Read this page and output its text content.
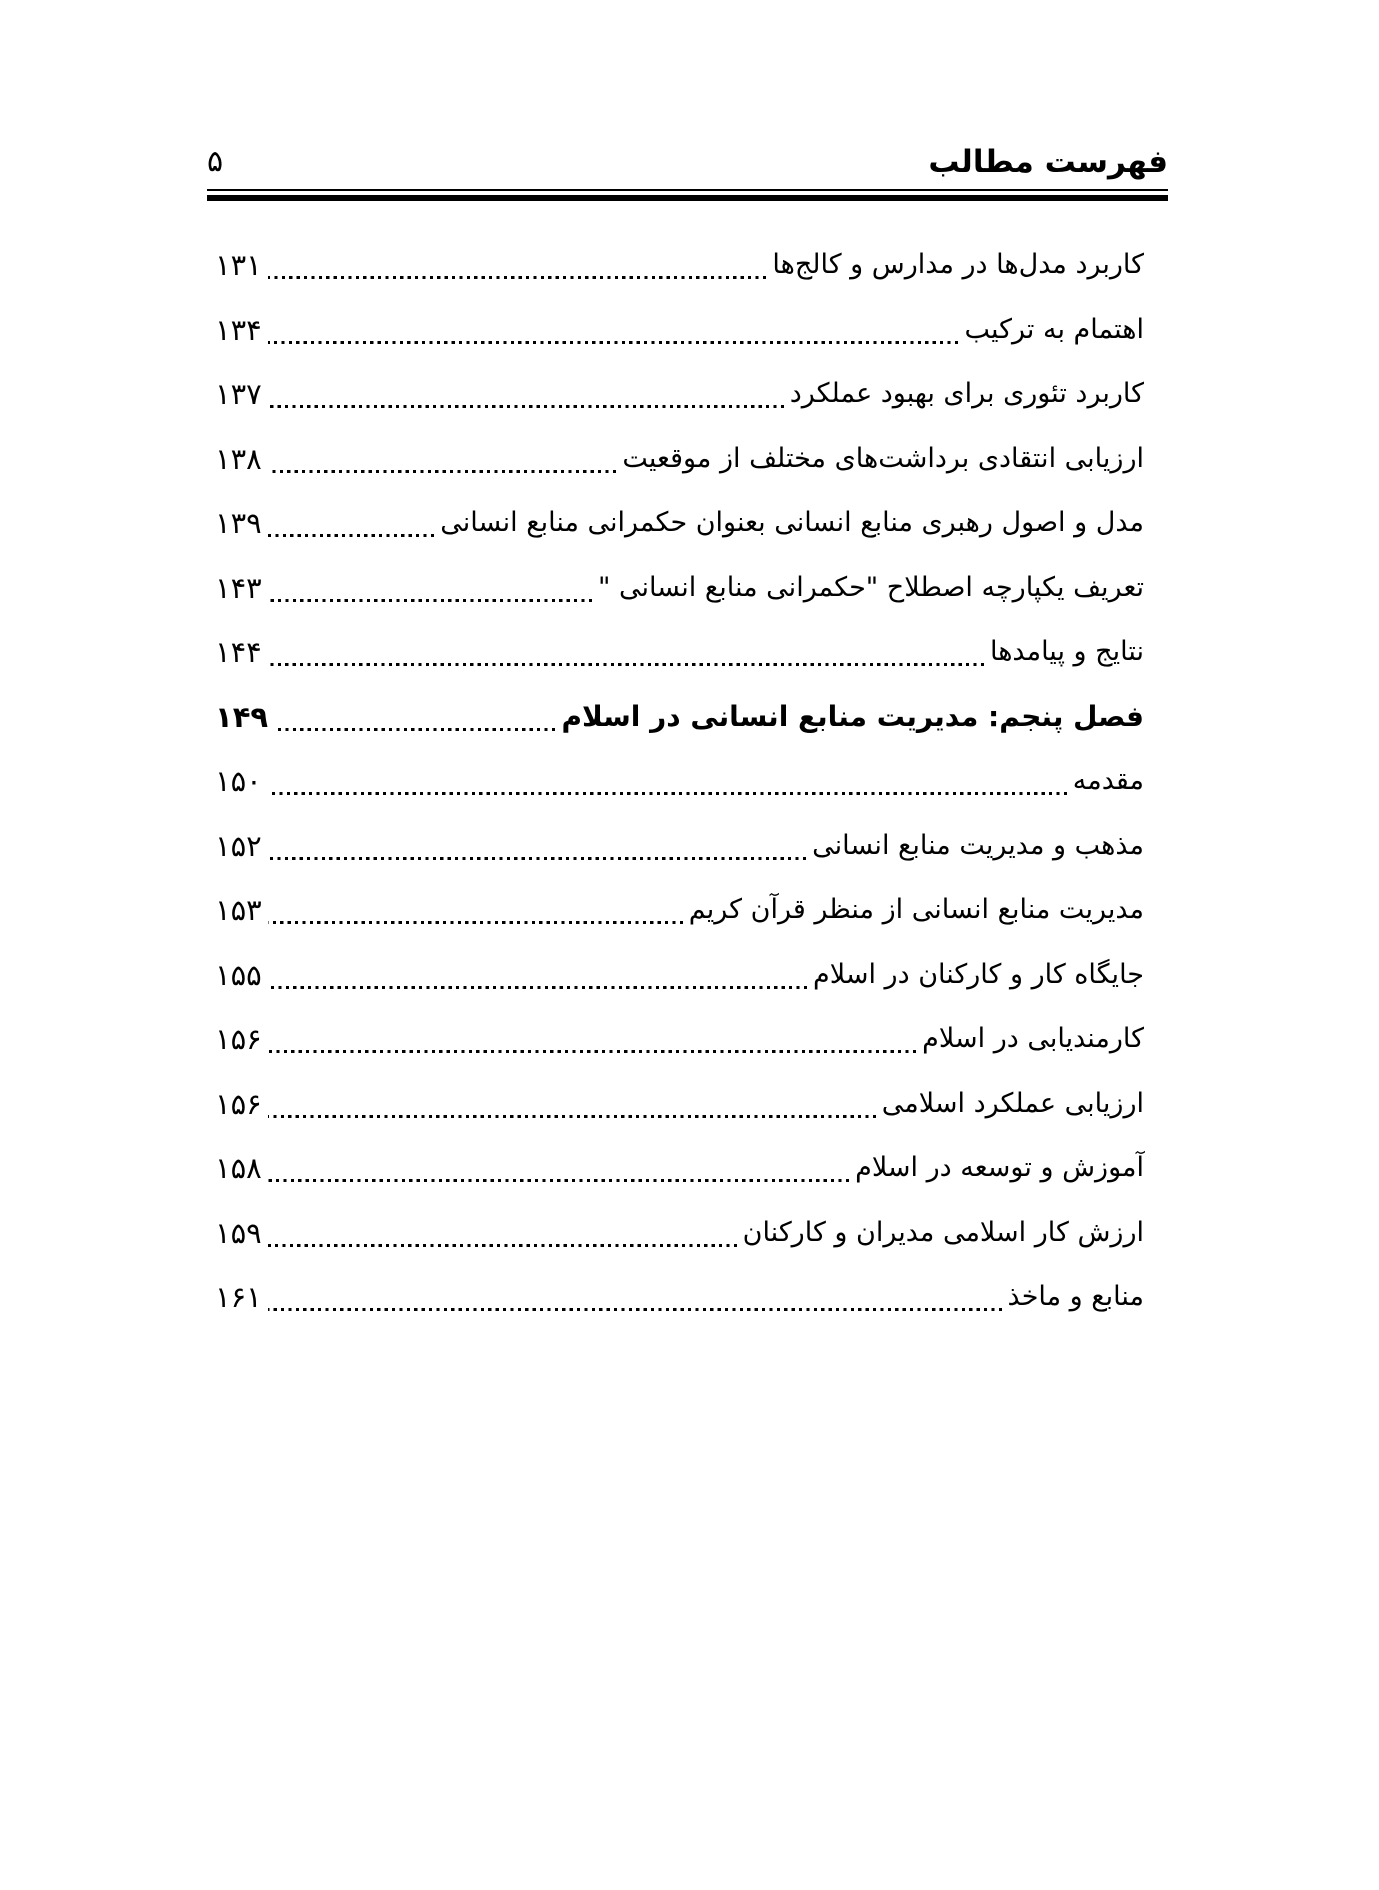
فهرست مطالب
۵
کاربرد مدل‌ها در مدارس و کالج‌ها
۱۳۱
اهتمام به ترکیب
۱۳۴
کاربرد تئوری برای بهبود عملکرد
۱۳۷
ارزیابی انتقادی برداشت‌های مختلف از موقعیت
۱۳۸
مدل و اصول رهبری منابع انسانی بعنوان حکمرانی منابع انسانی
۱۳۹
تعریف یکپارچه اصطلاح "حکمرانی منابع انسانی "
۱۴۳
نتایج و پیامدها
۱۴۴
فصل پنجم: مدیریت منابع انسانی در اسلام
۱۴۹
مقدمه
۱۵۰
مذهب و مدیریت منابع انسانی
۱۵۲
مدیریت منابع انسانی از منظر قرآن کریم
۱۵۳
جایگاه کار و کارکنان در اسلام
۱۵۵
کارمندیابی در اسلام
۱۵۶
ارزیابی عملکرد اسلامی
۱۵۶
آموزش و توسعه در اسلام
۱۵۸
ارزش کار اسلامی مدیران و کارکنان
۱۵۹
منابع و ماخذ
۱۶۱
